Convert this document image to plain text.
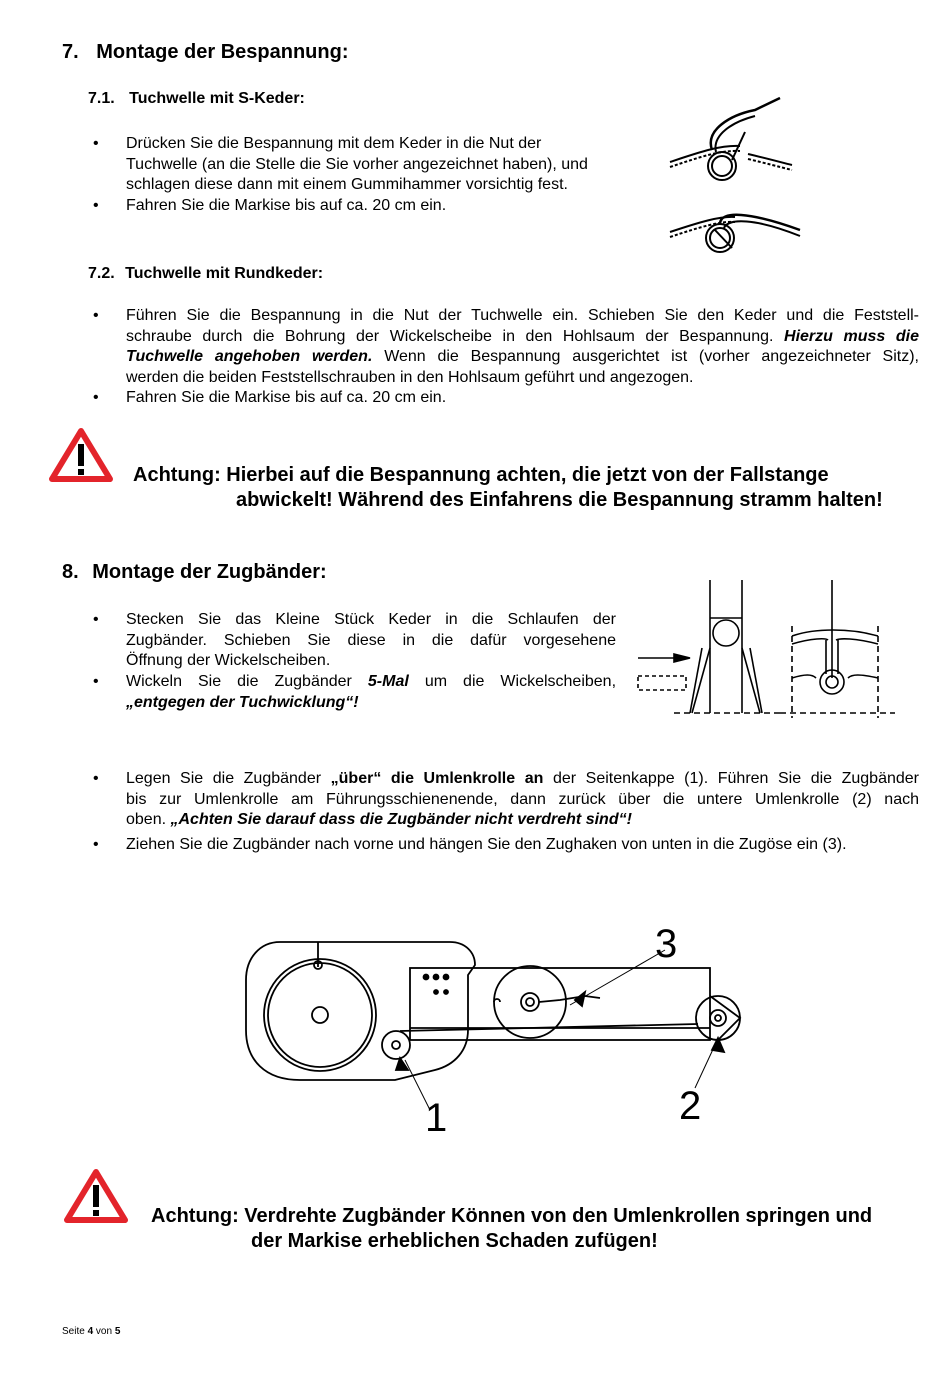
7. Montage der Bespannung:
7.1. Tuchwelle mit S-Keder:
• Drücken Sie die Bespannung mit dem Keder in die Nut der
Tuchwelle (an die Stelle die Sie vorher angezeichnet haben), und
schlagen diese dann mit einem Gummihammer vorsichtig fest.
• Fahren Sie die Markise bis auf ca. 20 cm ein.
7.2. Tuchwelle mit Rundkeder:
• Führen Sie die Bespannung in die Nut der Tuchwelle ein. Schieben Sie den Keder und die Feststell-
schraube durch die Bohrung der Wickelscheibe in den Hohlsaum der Bespannung. Hierzu muss die
Tuchwelle angehoben werden. Wenn die Bespannung ausgerichtet ist (vorher angezeichneter Sitz),
werden die beiden Feststellschrauben in den Hohlsaum geführt und angezogen.
• Fahren Sie die Markise bis auf ca. 20 cm ein.
Achtung: Hierbei auf die Bespannung achten, die jetzt von der Fallstange
abwickelt! Während des Einfahrens die Bespannung stramm halten!
8. Montage der Zugbänder:
• Stecken Sie das Kleine Stück Keder in die Schlaufen der
Zugbänder. Schieben Sie diese in die dafür vorgesehene
Öffnung der Wickelscheiben.
• Wickeln Sie die Zugbänder 5-Mal um die Wickelscheiben,
„entgegen der Tuchwicklung“!
• Legen Sie die Zugbänder „über“ die Umlenkrolle an der Seitenkappe (1). Führen Sie die Zugbänder
bis zur Umlenkrolle am Führungsschienenende, dann zurück über die untere Umlenkrolle (2) nach
oben. „Achten Sie darauf dass die Zugbänder nicht verdreht sind“!
• Ziehen Sie die Zugbänder nach vorne und hängen Sie den Zughaken von unten in die Zugöse ein (3).
3
1	2
Achtung: Verdrehte Zugbänder Können von den Umlenkrollen springen und
der Markise erheblichen Schaden zufügen!
Seite 4 von 5
